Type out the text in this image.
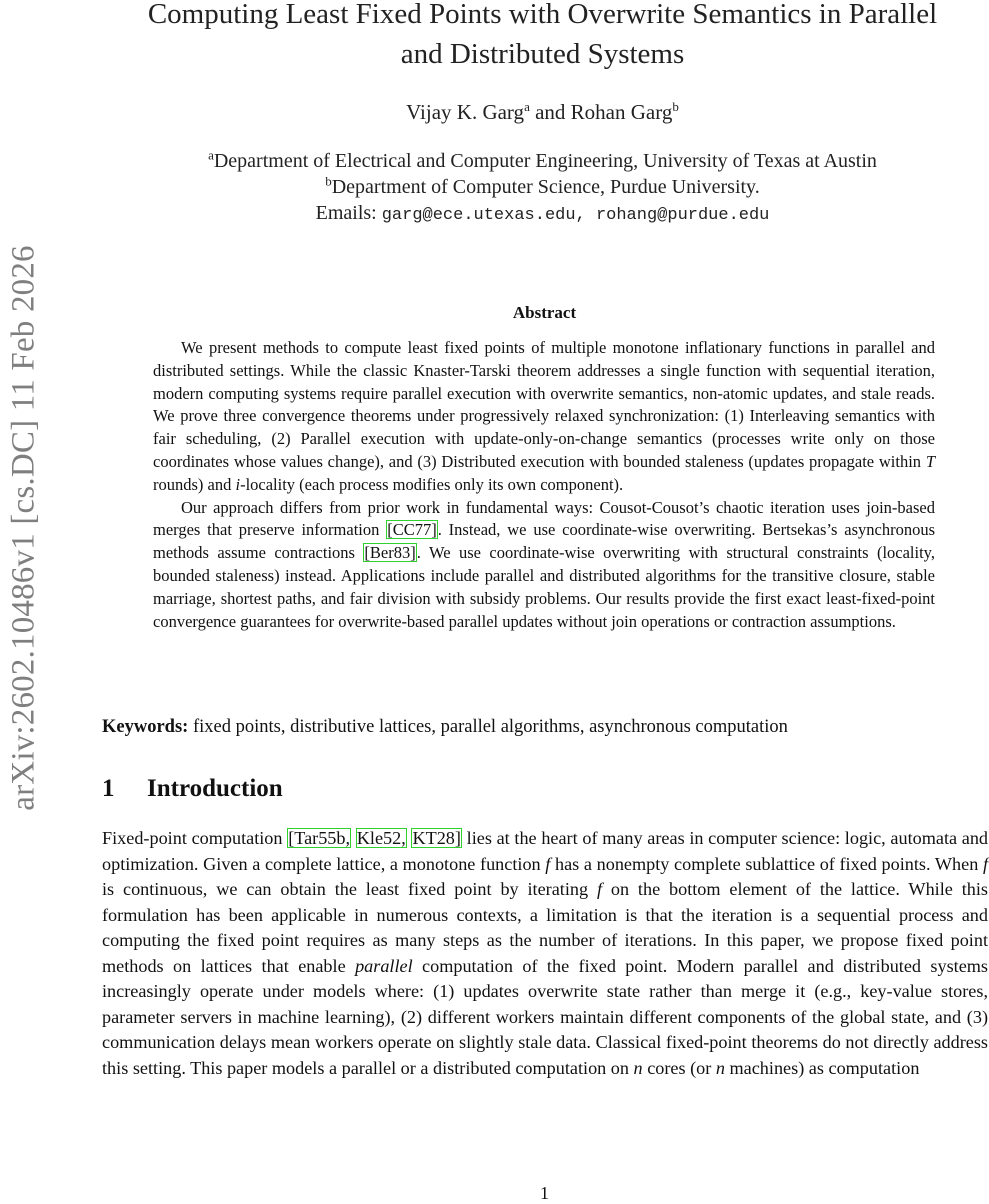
arXiv:2602.10486v1 [cs.DC] 11 Feb 2026
Computing Least Fixed Points with Overwrite Semantics in Parallel
and Distributed Systems
Vijay K. Garg$^a$ and Rohan Garg$^b$
$^a$Department of Electrical and Computer Engineering, University of Texas at Austin
$^b$Department of Computer Science, Purdue University.
Emails: garg@ece.utexas.edu, rohang@purdue.edu
Abstract

We present methods to compute least fixed points of multiple monotone inflationary functions in parallel and distributed settings. While the classic Knaster-Tarski theorem addresses a single function with sequential iteration, modern computing systems require parallel execution with overwrite semantics, non-atomic updates, and stale reads. We prove three convergence theorems under progressively relaxed synchronization: (1) Interleaving semantics with fair scheduling, (2) Parallel execution with update-only-on-change semantics (processes write only on those coordinates whose values change), and (3) Distributed execution with bounded staleness (updates propagate within T rounds) and i-locality (each process modifies only its own component).

Our approach differs from prior work in fundamental ways: Cousot-Cousot’s chaotic iteration uses join-based merges that preserve information [CC77]. Instead, we use coordinate-wise overwriting. Bertsekas’s asynchronous methods assume contractions [Ber83]. We use coordinate-wise overwriting with structural constraints (locality, bounded staleness) instead. Applications include parallel and distributed algorithms for the transitive closure, stable marriage, shortest paths, and fair division with subsidy problems. Our results provide the first exact least-fixed-point convergence guarantees for overwrite-based parallel updates without join operations or contraction assumptions.

Keywords: fixed points, distributive lattices, parallel algorithms, asynchronous computation
1 Introduction

Fixed-point computation [Tar55b, Kle52, KT28] lies at the heart of many areas in computer science: logic, automata and optimization. Given a complete lattice, a monotone function f has a nonempty complete sublattice of fixed points. When f is continuous, we can obtain the least fixed point by iterating f on the bottom element of the lattice. While this formulation has been applicable in numerous contexts, a limitation is that the iteration is a sequential process and computing the fixed point requires as many steps as the number of iterations. In this paper, we propose fixed point methods on lattices that enable parallel computation of the fixed point. Modern parallel and distributed systems increasingly operate under models where: (1) updates overwrite state rather than merge it (e.g., key-value stores, parameter servers in machine learning), (2) different workers maintain different components of the global state, and (3) communication delays mean workers operate on slightly stale data. Classical fixed-point theorems do not directly address this setting. This paper models a parallel or a distributed computation on n cores (or n machines) as computation

1
